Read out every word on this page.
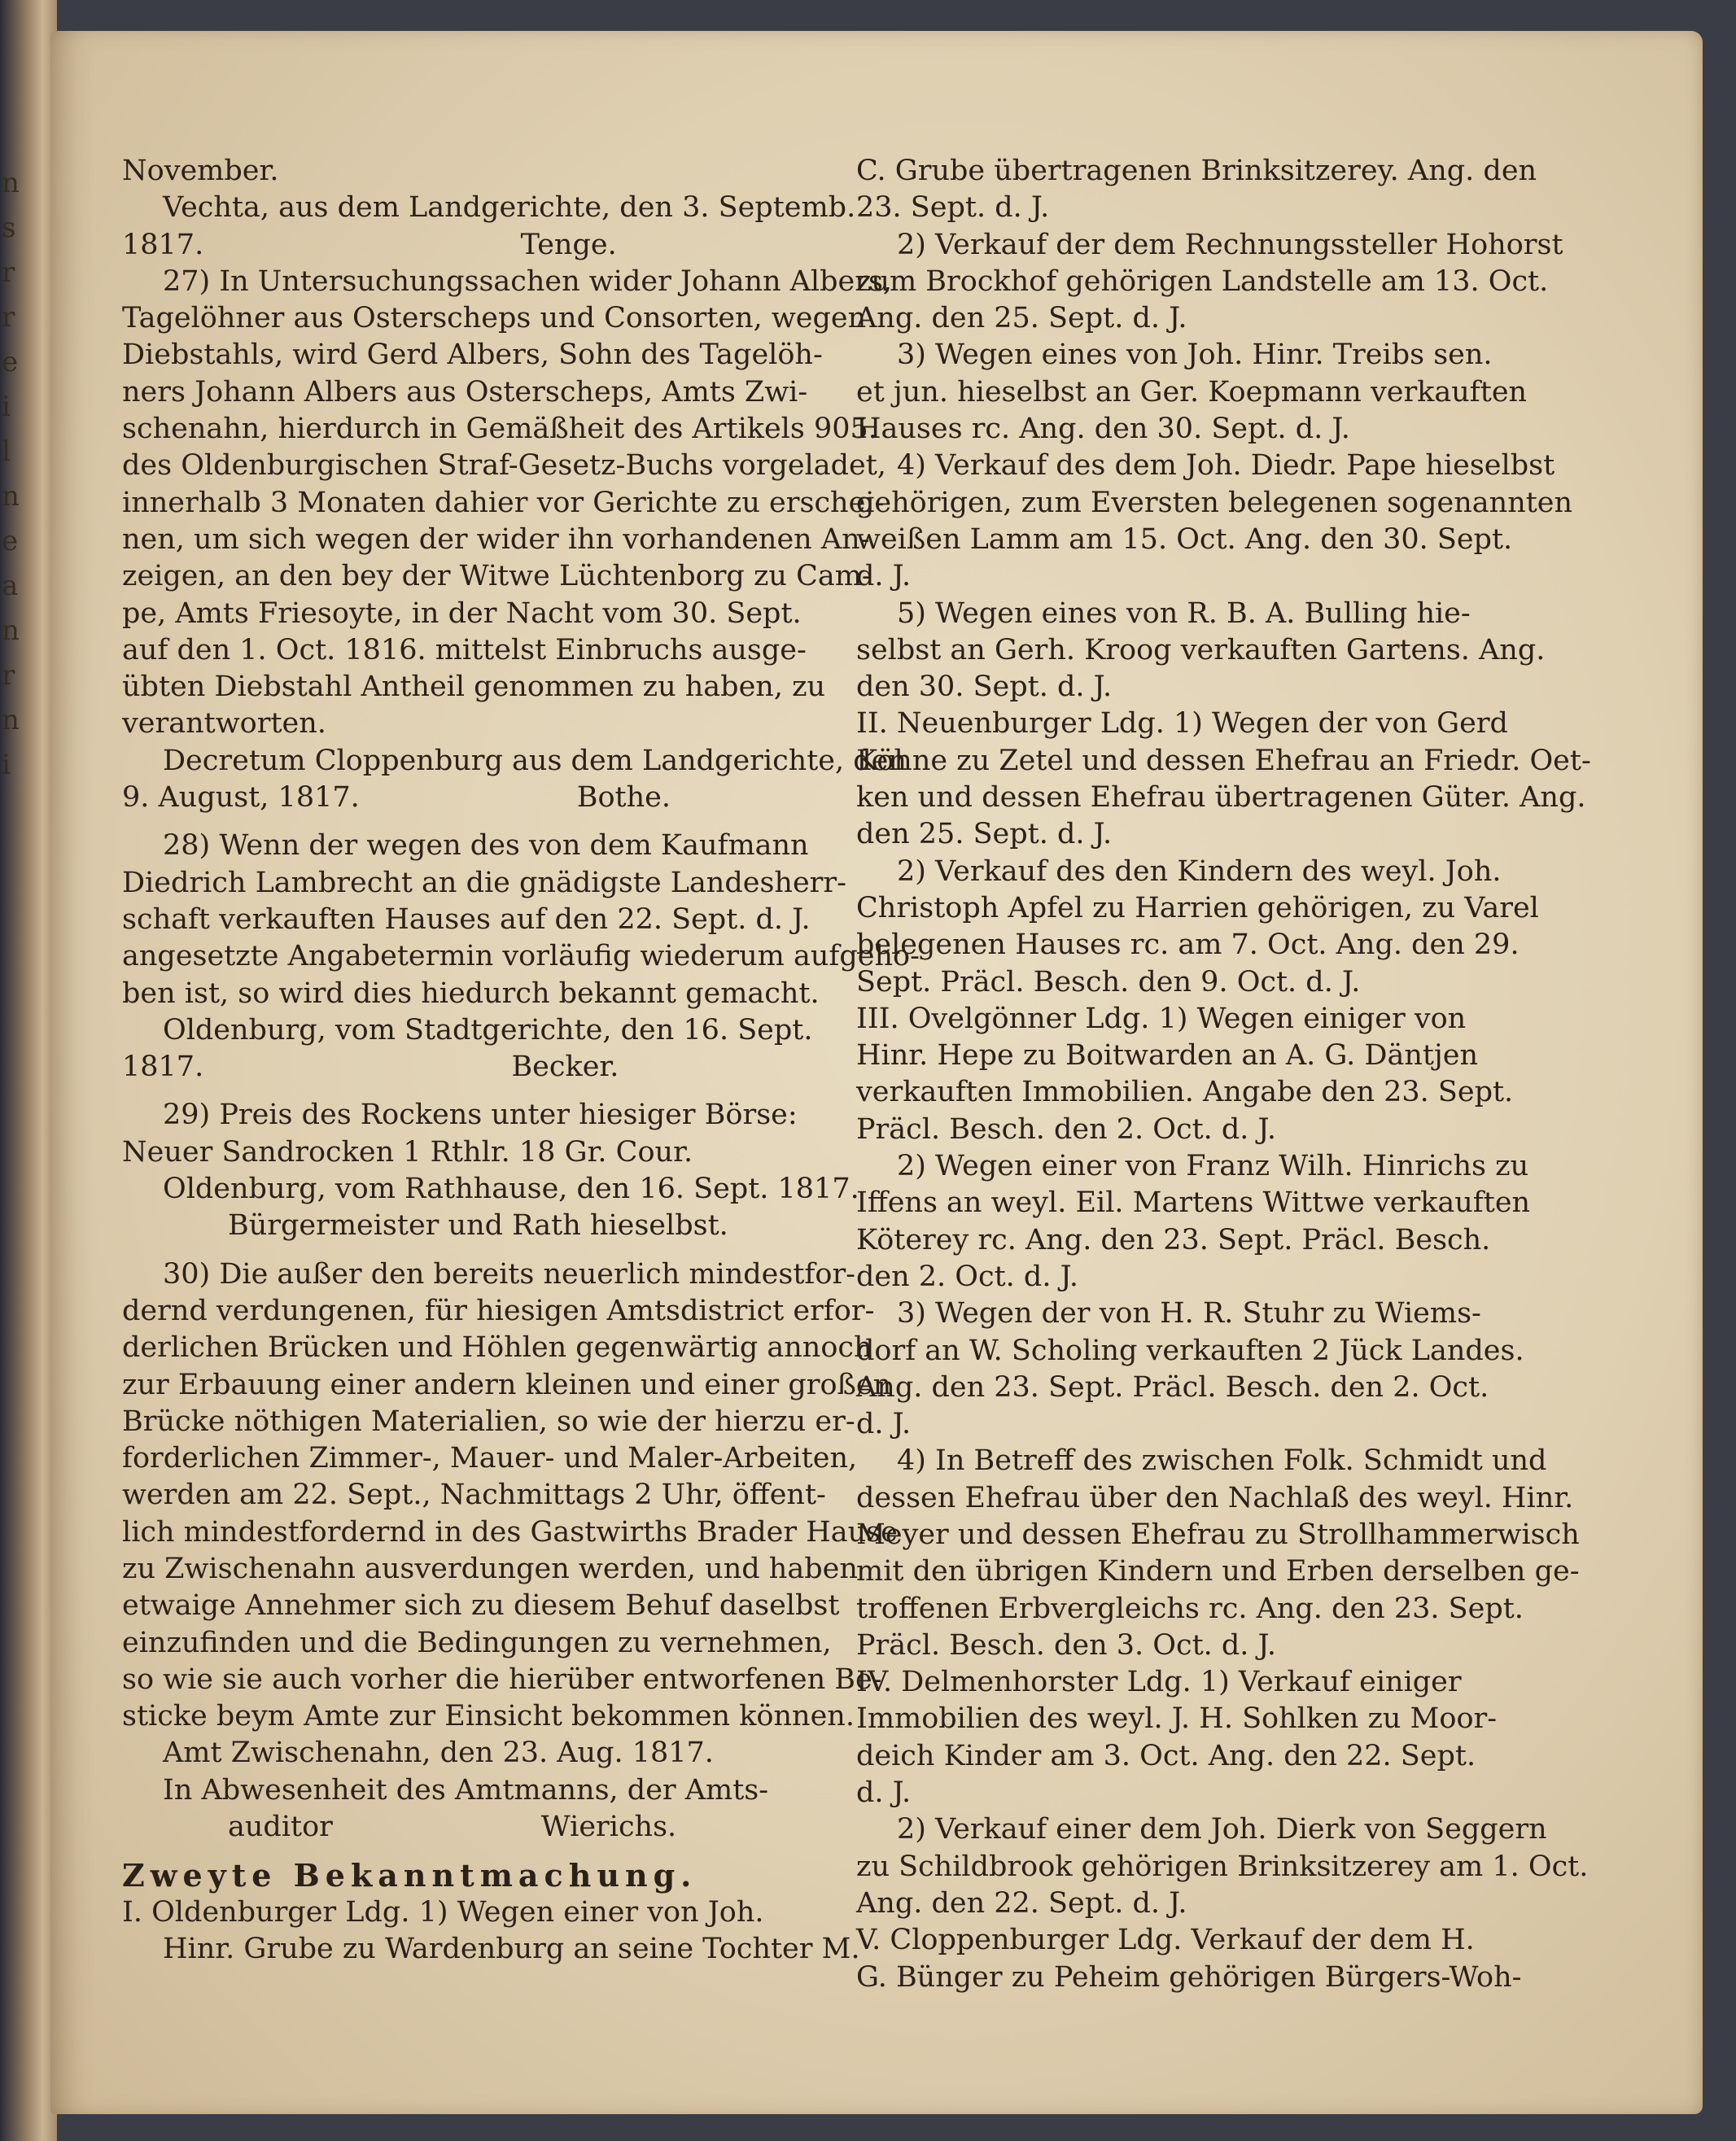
n
s
r
r
e
i
l
n
e
a
n
r
n
i

November.

Vechta, aus dem Landgerichte, den 3. Septemb.

1817.                                   Tenge.

27) In Untersuchungssachen wider Johann Albers,

Tagelöhner aus Osterscheps und Consorten, wegen

Diebstahls, wird Gerd Albers, Sohn des Tagelöh-

ners Johann Albers aus Osterscheps, Amts Zwi-

schenahn, hierdurch in Gemäßheit des Artikels 905.

des Oldenburgischen Straf-Gesetz-Buchs vorgeladet,

innerhalb 3 Monaten dahier vor Gerichte zu erschei-

nen, um sich wegen der wider ihn vorhandenen An-

zeigen, an den bey der Witwe Lüchtenborg zu Cam-

pe, Amts Friesoyte, in der Nacht vom 30. Sept.

auf den 1. Oct. 1816. mittelst Einbruchs ausge-

übten Diebstahl Antheil genommen zu haben, zu

verantworten.

Decretum Cloppenburg aus dem Landgerichte, den

9. August, 1817.                        Bothe.

28) Wenn der wegen des von dem Kaufmann

Diedrich Lambrecht an die gnädigste Landesherr-

schaft verkauften Hauses auf den 22. Sept. d. J.

angesetzte Angabetermin vorläufig wiederum aufgeho-

ben ist, so wird dies hiedurch bekannt gemacht.

Oldenburg, vom Stadtgerichte, den 16. Sept.

1817.                                  Becker.

29) Preis des Rockens unter hiesiger Börse:

Neuer Sandrocken 1 Rthlr. 18 Gr. Cour.

Oldenburg, vom Rathhause, den 16. Sept. 1817.

Bürgermeister und Rath hieselbst.

30) Die außer den bereits neuerlich mindestfor-

dernd verdungenen, für hiesigen Amtsdistrict erfor-

derlichen Brücken und Höhlen gegenwärtig annoch

zur Erbauung einer andern kleinen und einer großen

Brücke nöthigen Materialien, so wie der hierzu er-

forderlichen Zimmer-, Mauer- und Maler-Arbeiten,

werden am 22. Sept., Nachmittags 2 Uhr, öffent-

lich mindestfordernd in des Gastwirths Brader Hause

zu Zwischenahn ausverdungen werden, und haben

etwaige Annehmer sich zu diesem Behuf daselbst

einzufinden und die Bedingungen zu vernehmen,

so wie sie auch vorher die hierüber entworfenen Be-

sticke beym Amte zur Einsicht bekommen können.

Amt Zwischenahn, den 23. Aug. 1817.

In Abwesenheit des Amtmanns, der Amts-

auditor                       Wierichs.

Zweyte Bekanntmachung.

I. Oldenburger Ldg. 1) Wegen einer von Joh.

Hinr. Grube zu Wardenburg an seine Tochter M.

C. Grube übertragenen Brinksitzerey. Ang. den

23. Sept. d. J.

2) Verkauf der dem Rechnungssteller Hohorst

zum Brockhof gehörigen Landstelle am 13. Oct.

Ang. den 25. Sept. d. J.

3) Wegen eines von Joh. Hinr. Treibs sen.

et jun. hieselbst an Ger. Koepmann verkauften

Hauses rc. Ang. den 30. Sept. d. J.

4) Verkauf des dem Joh. Diedr. Pape hieselbst

gehörigen, zum Eversten belegenen sogenannten

weißen Lamm am 15. Oct. Ang. den 30. Sept.

d. J.

5) Wegen eines von R. B. A. Bulling hie-

selbst an Gerh. Kroog verkauften Gartens. Ang.

den 30. Sept. d. J.

II. Neuenburger Ldg. 1) Wegen der von Gerd

Köhne zu Zetel und dessen Ehefrau an Friedr. Oet-

ken und dessen Ehefrau übertragenen Güter. Ang.

den 25. Sept. d. J.

2) Verkauf des den Kindern des weyl. Joh.

Christoph Apfel zu Harrien gehörigen, zu Varel

belegenen Hauses rc. am 7. Oct. Ang. den 29.

Sept. Präcl. Besch. den 9. Oct. d. J.

III. Ovelgönner Ldg. 1) Wegen einiger von

Hinr. Hepe zu Boitwarden an A. G. Däntjen

verkauften Immobilien. Angabe den 23. Sept.

Präcl. Besch. den 2. Oct. d. J.

2) Wegen einer von Franz Wilh. Hinrichs zu

Iffens an weyl. Eil. Martens Wittwe verkauften

Köterey rc. Ang. den 23. Sept. Präcl. Besch.

den 2. Oct. d. J.

3) Wegen der von H. R. Stuhr zu Wiems-

dorf an W. Scholing verkauften 2 Jück Landes.

Ang. den 23. Sept. Präcl. Besch. den 2. Oct.

d. J.

4) In Betreff des zwischen Folk. Schmidt und

dessen Ehefrau über den Nachlaß des weyl. Hinr.

Meyer und dessen Ehefrau zu Strollhammerwisch

mit den übrigen Kindern und Erben derselben ge-

troffenen Erbvergleichs rc. Ang. den 23. Sept.

Präcl. Besch. den 3. Oct. d. J.

IV. Delmenhorster Ldg. 1) Verkauf einiger

Immobilien des weyl. J. H. Sohlken zu Moor-

deich Kinder am 3. Oct. Ang. den 22. Sept.

d. J.

2) Verkauf einer dem Joh. Dierk von Seggern

zu Schildbrook gehörigen Brinksitzerey am 1. Oct.

Ang. den 22. Sept. d. J.

V. Cloppenburger Ldg. Verkauf der dem H.

G. Bünger zu Peheim gehörigen Bürgers-Woh-
